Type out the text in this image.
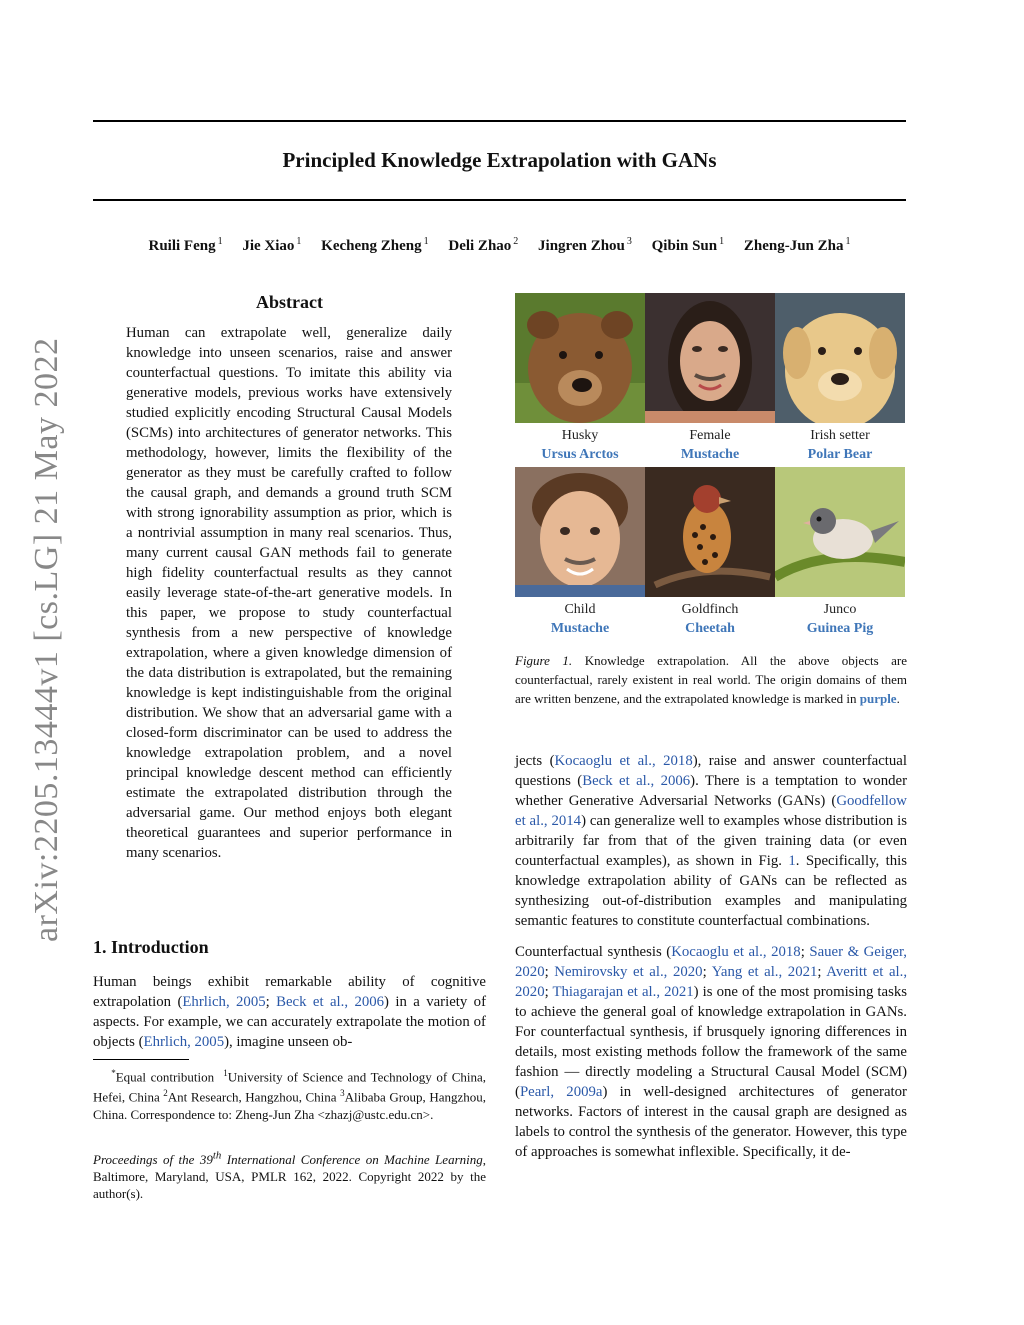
arXiv:2205.13444v1 [cs.LG] 21 May 2022
Principled Knowledge Extrapolation with GANs
Ruili Feng $^1$ Jie Xiao $^1$ Kecheng Zheng $^1$ Deli Zhao $^2$ Jingren Zhou $^3$ Qibin Sun $^1$ Zheng-Jun Zha $^1$
Abstract
Human can extrapolate well, generalize daily knowledge into unseen scenarios, raise and answer counterfactual questions. To imitate this ability via generative models, previous works have extensively studied explicitly encoding Structural Causal Models (SCMs) into architectures of generator networks. This methodology, however, limits the flexibility of the generator as they must be carefully crafted to follow the causal graph, and demands a ground truth SCM with strong ignorability assumption as prior, which is a nontrivial assumption in many real scenarios. Thus, many current causal GAN methods fail to generate high fidelity counterfactual results as they cannot easily leverage state-of-the-art generative models. In this paper, we propose to study counterfactual synthesis from a new perspective of knowledge extrapolation, where a given knowledge dimension of the data distribution is extrapolated, but the remaining knowledge is kept indistinguishable from the original distribution. We show that an adversarial game with a closed-form discriminator can be used to address the knowledge extrapolation problem, and a novel principal knowledge descent method can efficiently estimate the extrapolated distribution through the adversarial game. Our method enjoys both elegant theoretical guarantees and superior performance in many scenarios.
1. Introduction
Human beings exhibit remarkable ability of cognitive extrapolation (Ehrlich, 2005; Beck et al., 2006) in a variety of aspects. For example, we can accurately extrapolate the motion of objects (Ehrlich, 2005), imagine unseen ob-
*Equal contribution $^1$University of Science and Technology of China, Hefei, China $^2$Ant Research, Hangzhou, China $^3$Alibaba Group, Hangzhou, China. Correspondence to: Zheng-Jun Zha <zhazj@ustc.edu.cn>.
Proceedings of the 39th International Conference on Machine Learning, Baltimore, Maryland, USA, PMLR 162, 2022. Copyright 2022 by the author(s).
Husky
Ursus Arctos
Female
Mustache
Irish setter
Polar Bear
Child
Mustache
Goldfinch
Cheetah
Junco
Guinea Pig
Figure 1. Knowledge extrapolation. All the above objects are counterfactual, rarely existent in real world. The origin domains of them are written benzene, and the extrapolated knowledge is marked in purple.

jects (Kocaoglu et al., 2018), raise and answer counterfactual questions (Beck et al., 2006). There is a temptation to wonder whether Generative Adversarial Networks (GANs) (Goodfellow et al., 2014) can generalize well to examples whose distribution is arbitrarily far from that of the given training data (or even counterfactual examples), as shown in Fig. 1. Specifically, this knowledge extrapolation ability of GANs can be reflected as synthesizing out-of-distribution examples and manipulating semantic features to constitute counterfactual combinations.

Counterfactual synthesis (Kocaoglu et al., 2018; Sauer & Geiger, 2020; Nemirovsky et al., 2020; Yang et al., 2021; Averitt et al., 2020; Thiagarajan et al., 2021) is one of the most promising tasks to achieve the general goal of knowledge extrapolation in GANs. For counterfactual synthesis, if brusquely ignoring differences in details, most existing methods follow the framework of the same fashion — directly modeling a Structural Causal Model (SCM) (Pearl, 2009a) in well-designed architectures of generator networks. Factors of interest in the causal graph are designed as labels to control the synthesis of the generator. However, this type of approaches is somewhat inflexible. Specifically, it de-
